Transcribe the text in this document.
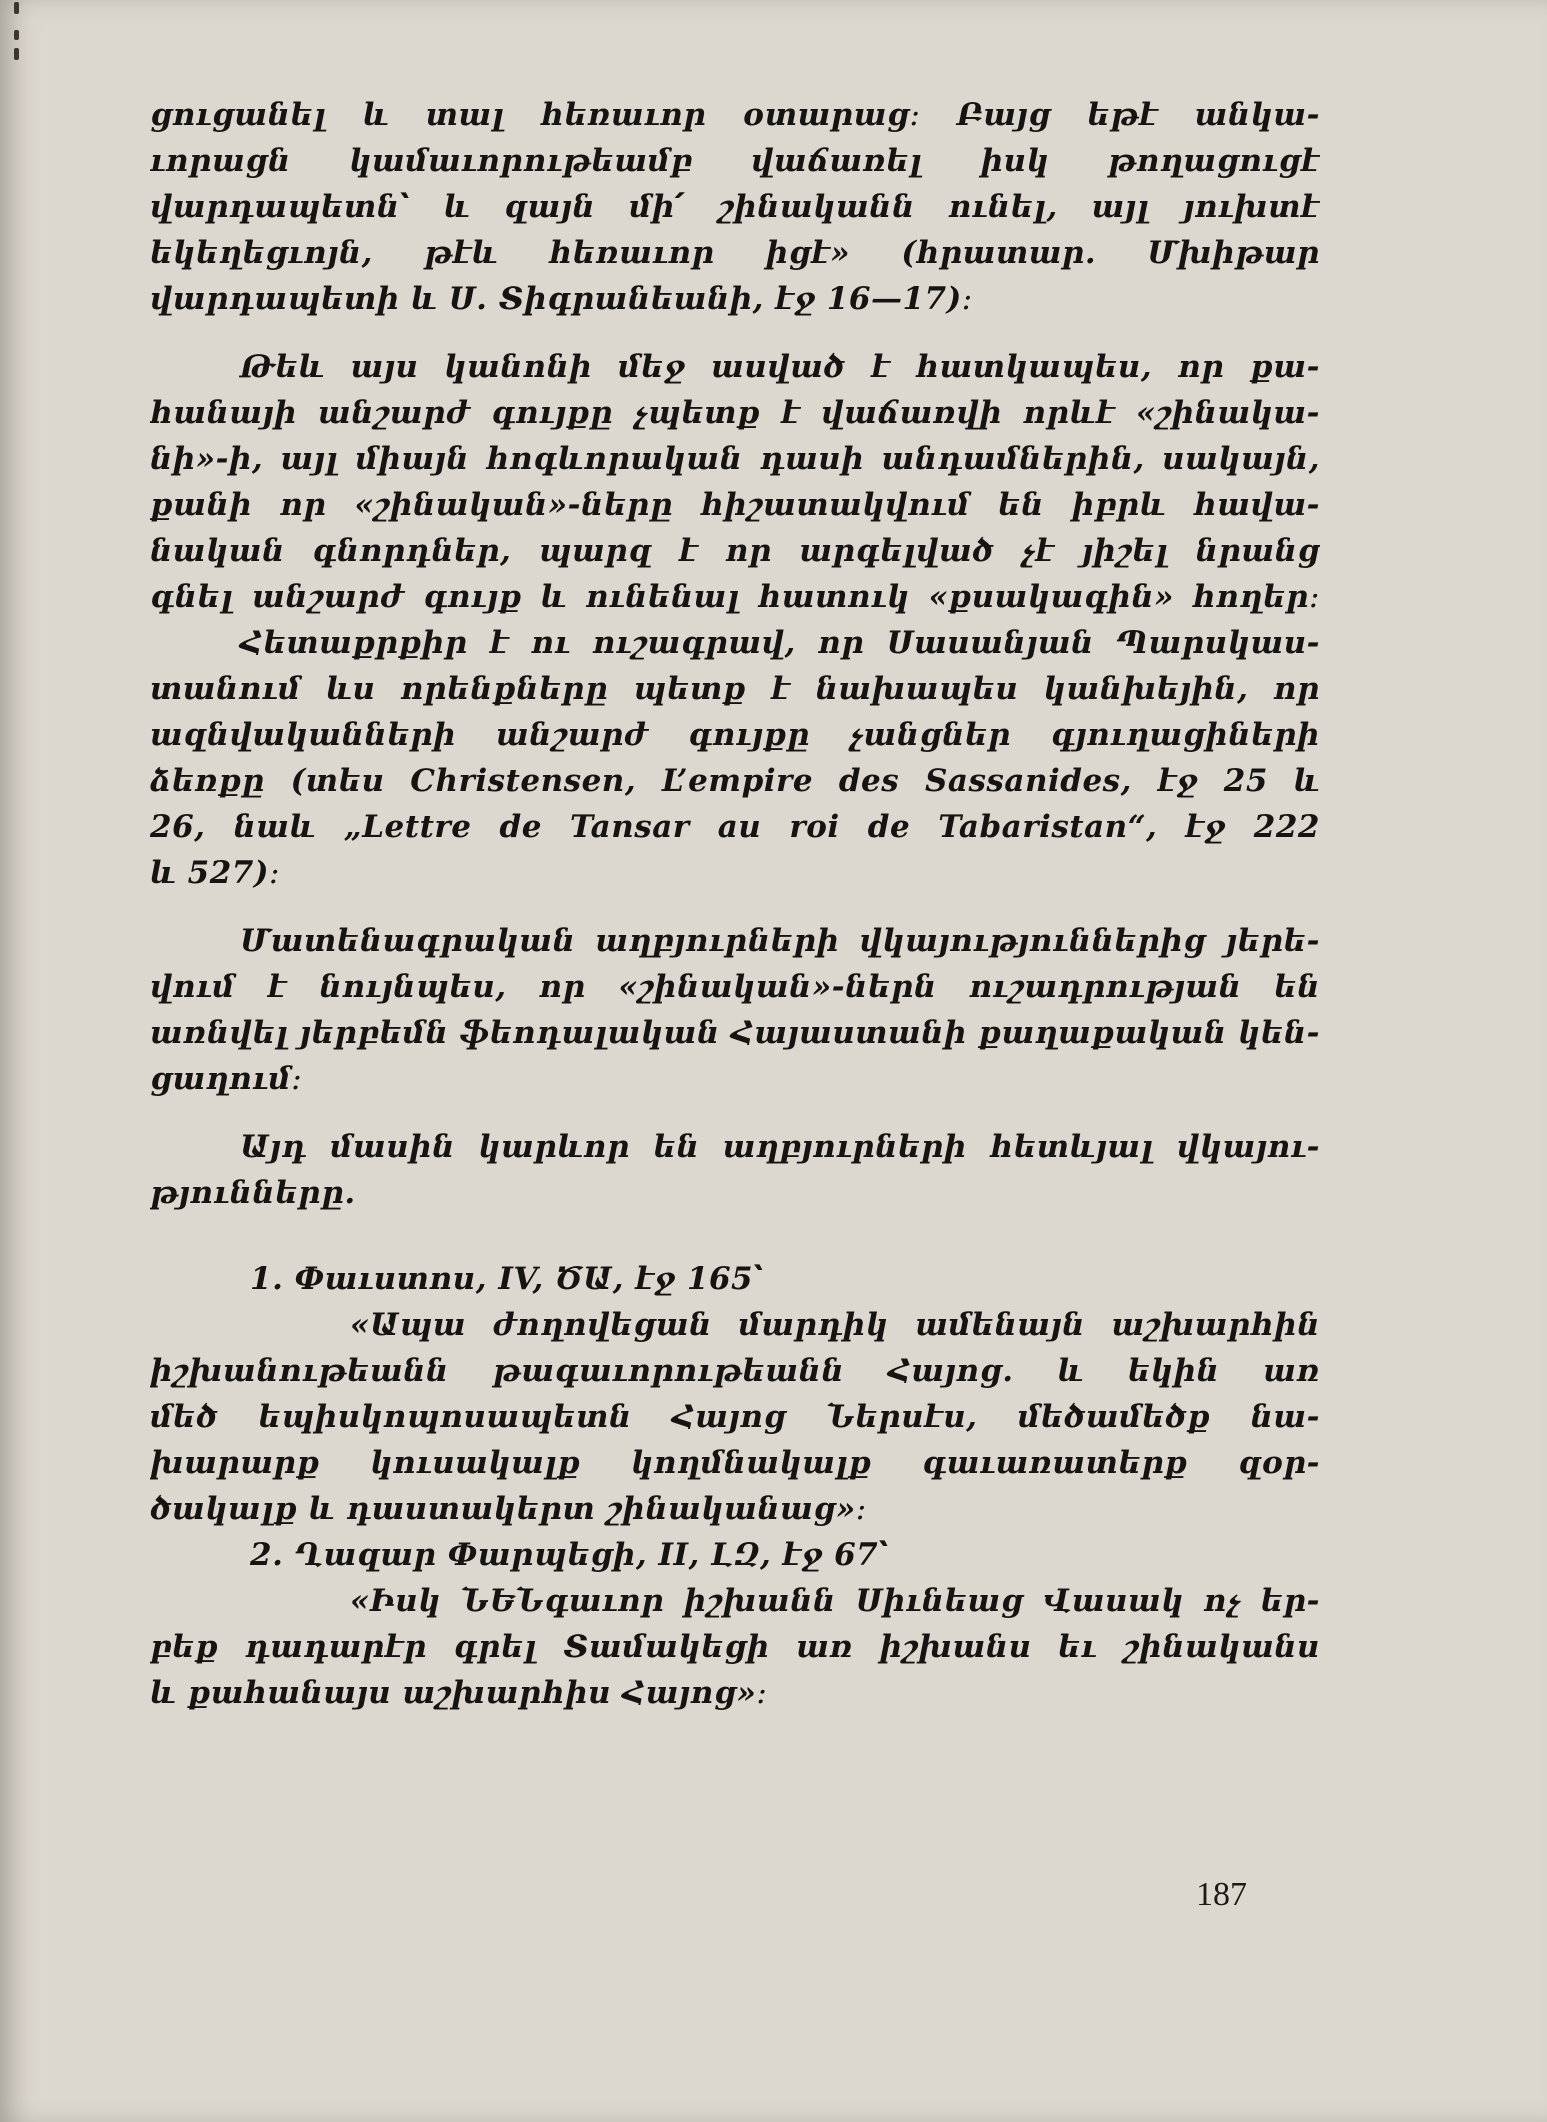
ցուցանել և տալ հեռաւոր օտարաց։ Բայց եթէ անկա-
ւորացն կամաւորութեամբ վաճառել իսկ թողացուցէ
վարդապետն՝ և զայն մի՛ շինականն ունել, այլ յուխտէ
եկեղեցւոյն, թէև հեռաւոր իցէ» (հրատար. Մխիթար
վարդապետի և Ս. Տիգրանեանի, էջ 16—17)։
Թեև այս կանոնի մեջ ասված է հատկապես, որ քա-
հանայի անշարժ գույքը չպետք է վաճառվի որևէ «շինակա-
նի»-ի, այլ միայն հոգևորական դասի անդամներին, սակայն,
քանի որ «շինական»-ները հիշատակվում են իբրև հավա-
նական գնորդներ, պարզ է որ արգելված չէ յիշել նրանց
գնել անշարժ գույք և ունենալ հատուկ «քսակագին» հողեր։
Հետաքրքիր է ու ուշագրավ, որ Սասանյան Պարսկաս-
տանում ևս որենքները պետք է նախապես կանխեյին, որ
ազնվականների անշարժ գույքը չանցներ գյուղացիների
ձեռքը (տես Christensen, L’empire des Sassanides, էջ 25 և
26, նաև „Lettre de Tansar au roi de Tabaristan“, էջ 222
և 527)։
Մատենագրական աղբյուրների վկայություններից յերե-
վում է նույնպես, որ «շինական»-ներն ուշադրության են
առնվել յերբեմն ֆեոդալական Հայաստանի քաղաքական կեն-
ցաղում։
Այդ մասին կարևոր են աղբյուրների հետևյալ վկայու-
թյունները.
1. Փաւստոս, IV, ԾԱ, էջ 165՝
«Ապա ժողովեցան մարդիկ ամենայն աշխարհին
իշխանութեանն թագաւորութեանն Հայոց. և եկին առ
մեծ եպիսկոպոսապետն Հայոց Ներսէս, մեծամեծք նա-
խարարք կուսակալք կողմնակալք գաւառատերք զօր-
ծակալք և դաստակերտ շինականաց»։
2. Ղազար Փարպեցի, II, ԼԶ, էջ 67՝
«Իսկ ՆԵՆգաւոր իշխանն Սիւնեաց Վասակ ոչ եր-
բեք դադարէր գրել Տամակեցի առ իշխանս եւ շինականս
և քահանայս աշխարհիս Հայոց»։
187
